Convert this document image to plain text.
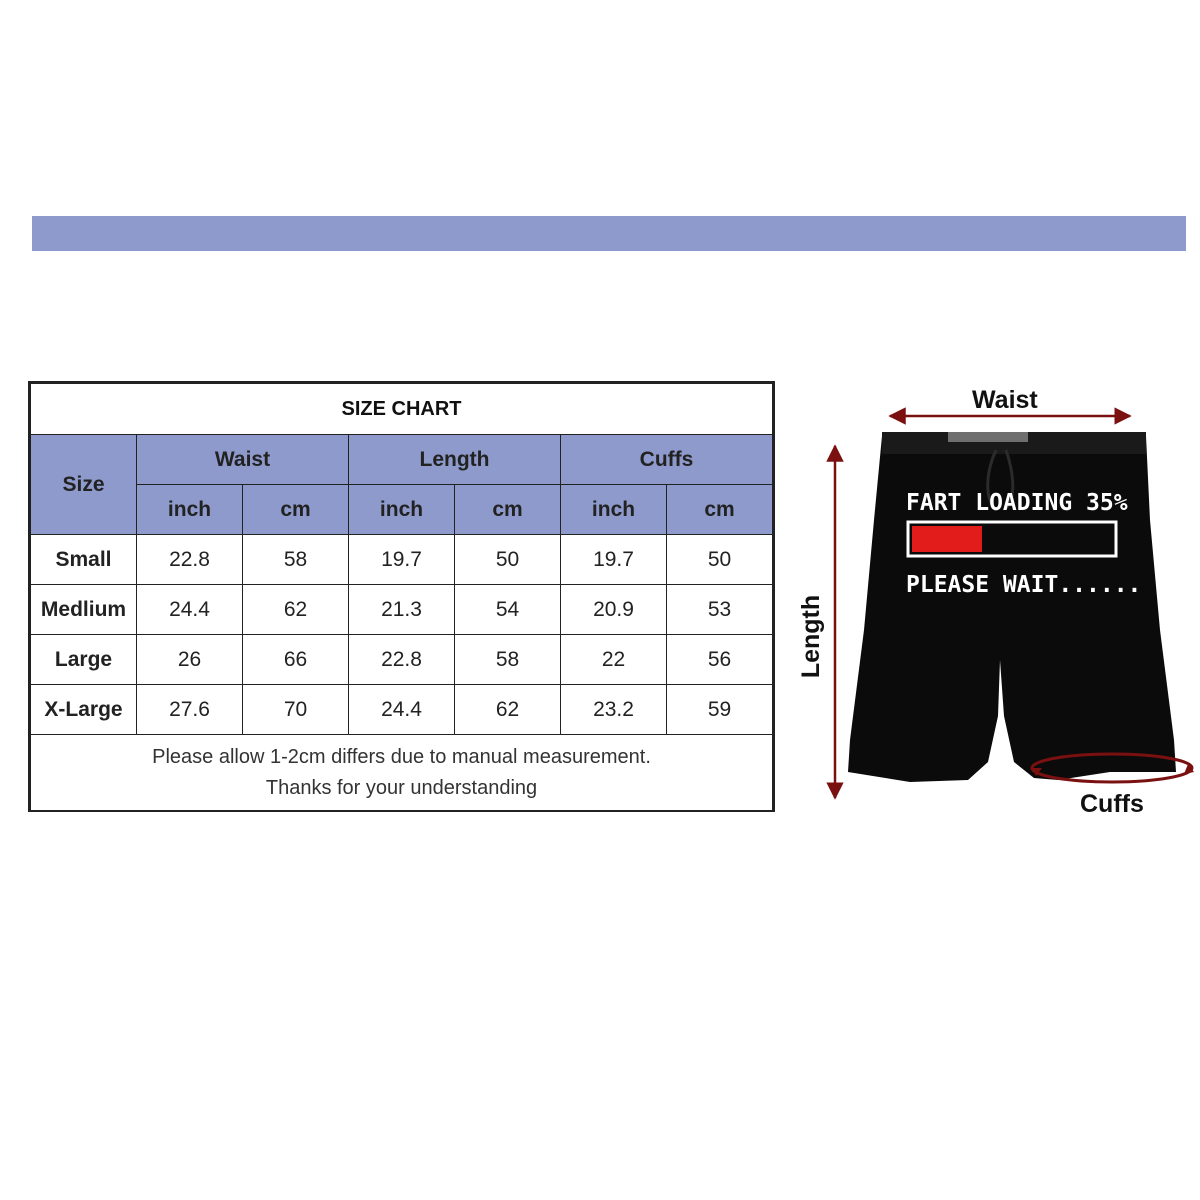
SIZE CHART						
Size	Waist		Length		Cuffs	
	inch	cm	inch	cm	inch	cm
Small	22.8	58	19.7	50	19.7	50
Medlium	24.4	62	21.3	54	20.9	53
Large	26	66	22.8	58	22	56
X-Large	27.6	70	24.4	62	23.2	59

Please allow 1-2cm differs due to manual measurement.
Thanks for your understanding						
FART LOADING 35%
PLEASE WAIT......
Waist
Length
Cuffs
